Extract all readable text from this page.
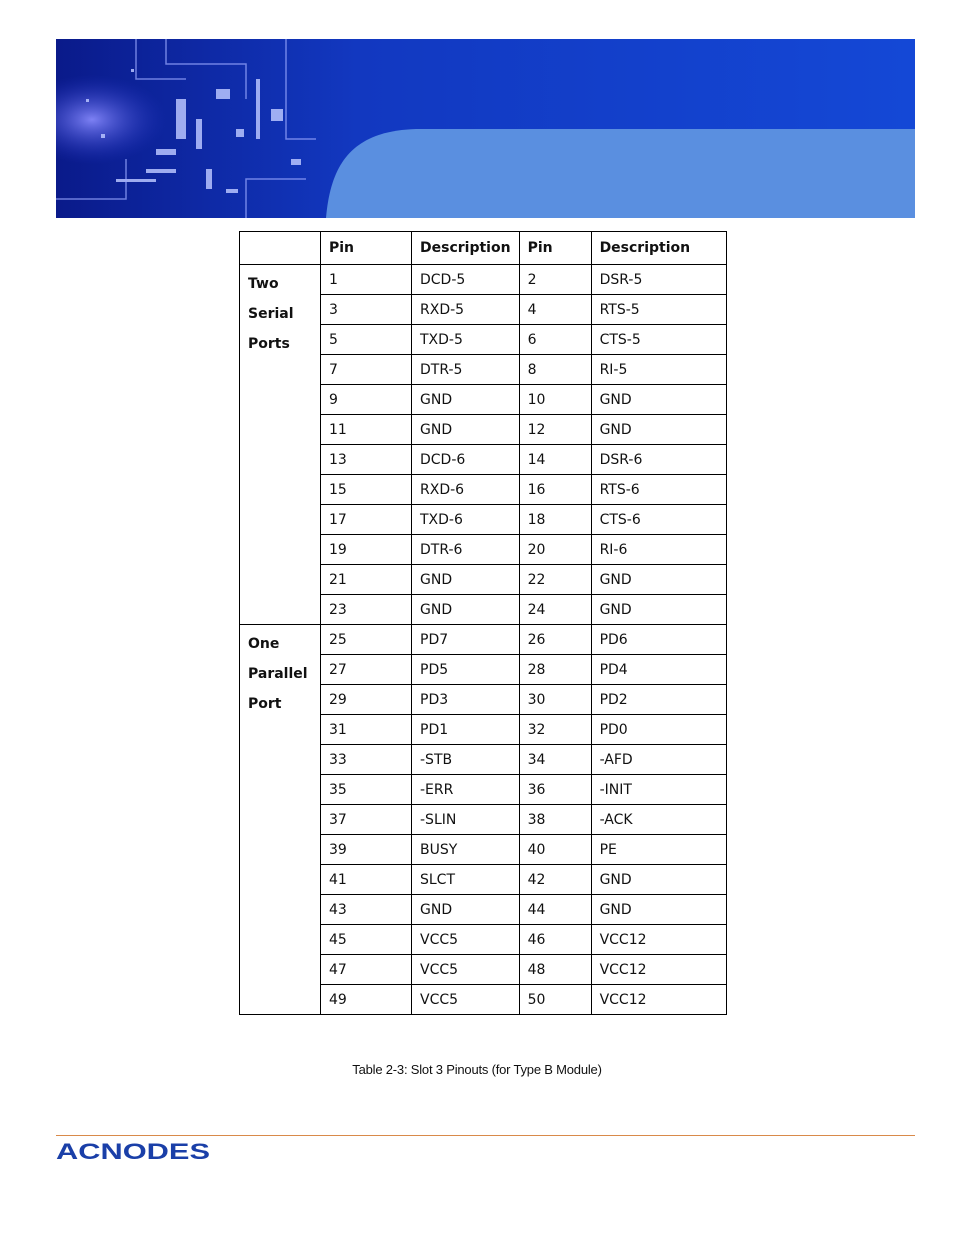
	Pin	Description	Pin	Description

Two
Serial
Ports	1	DCD-5	2	DSR-5
	3	RXD-5	4	RTS-5
	5	TXD-5	6	CTS-5
	7	DTR-5	8	RI-5
	9	GND	10	GND
	11	GND	12	GND
	13	DCD-6	14	DSR-6
	15	RXD-6	16	RTS-6
	17	TXD-6	18	CTS-6
	19	DTR-6	20	RI-6
	21	GND	22	GND
	23	GND	24	GND

One
Parallel
Port	25	PD7	26	PD6
	27	PD5	28	PD4
	29	PD3	30	PD2
	31	PD1	32	PD0
	33	-STB	34	-AFD
	35	-ERR	36	-INIT
	37	-SLIN	38	-ACK
	39	BUSY	40	PE
	41	SLCT	42	GND
	43	GND	44	GND
	45	VCC5	46	VCC12
	47	VCC5	48	VCC12
	49	VCC5	50	VCC12
Table 2-3: Slot 3 Pinouts (for Type B Module)
ACNODES
